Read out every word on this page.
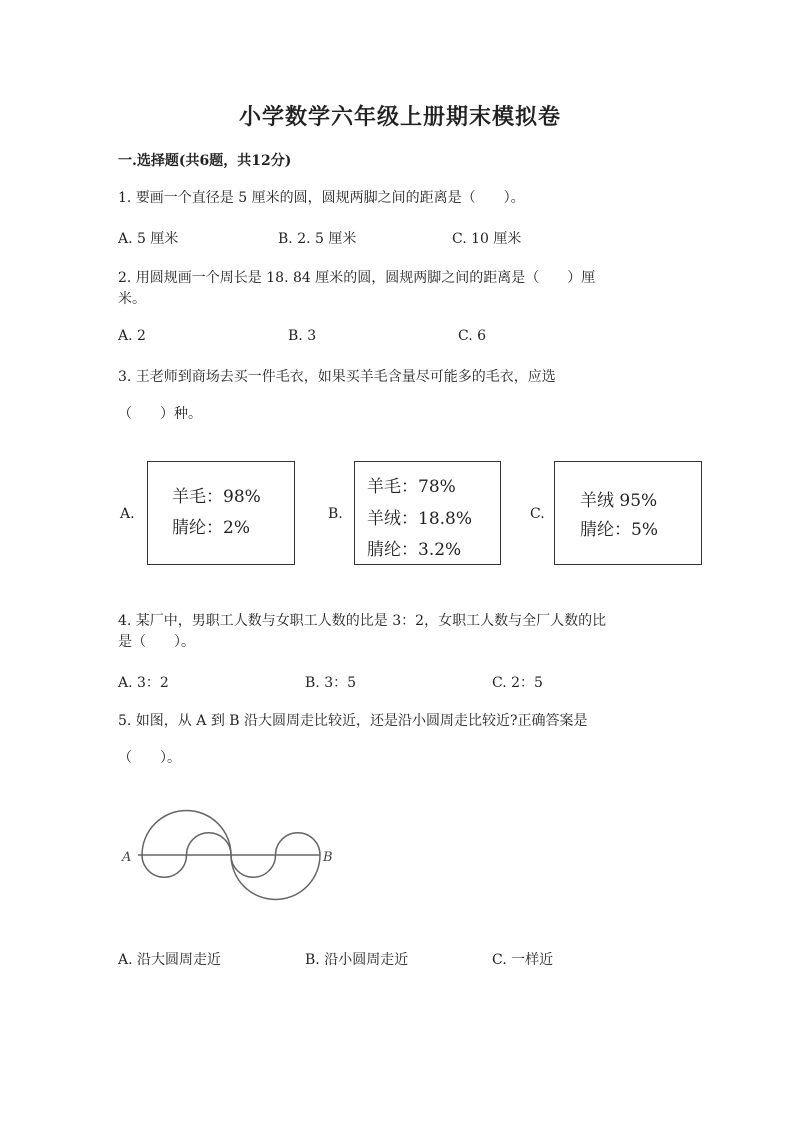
小学数学六年级上册期末模拟卷
一.选择题(共6题，共12分)
1. 要画一个直径是 5 厘米的圆，圆规两脚之间的距离是（　　）。
A. 5 厘米	B. 2. 5 厘米	C. 10 厘米
2. 用圆规画一个周长是 18. 84 厘米的圆，圆规两脚之间的距离是（　　）厘
米。
A. 2	B. 3	C. 6
3. 王老师到商场去买一件毛衣，如果买羊毛含量尽可能多的毛衣，应选
（　　）种。
A.
羊毛：98%
腈纶：2%
B.
羊毛：78%
羊绒：18.8%
腈纶：3.2%
C.
羊绒 95%
腈纶：5%
4. 某厂中，男职工人数与女职工人数的比是 3：2，女职工人数与全厂人数的比
是（　　）。
A. 3：2	B. 3：5	C. 2：5
5. 如图，从 A 到 B 沿大圆周走比较近，还是沿小圆周走比较近?正确答案是
（　　）。
A	B
A. 沿大圆周走近	B. 沿小圆周走近	C. 一样近
